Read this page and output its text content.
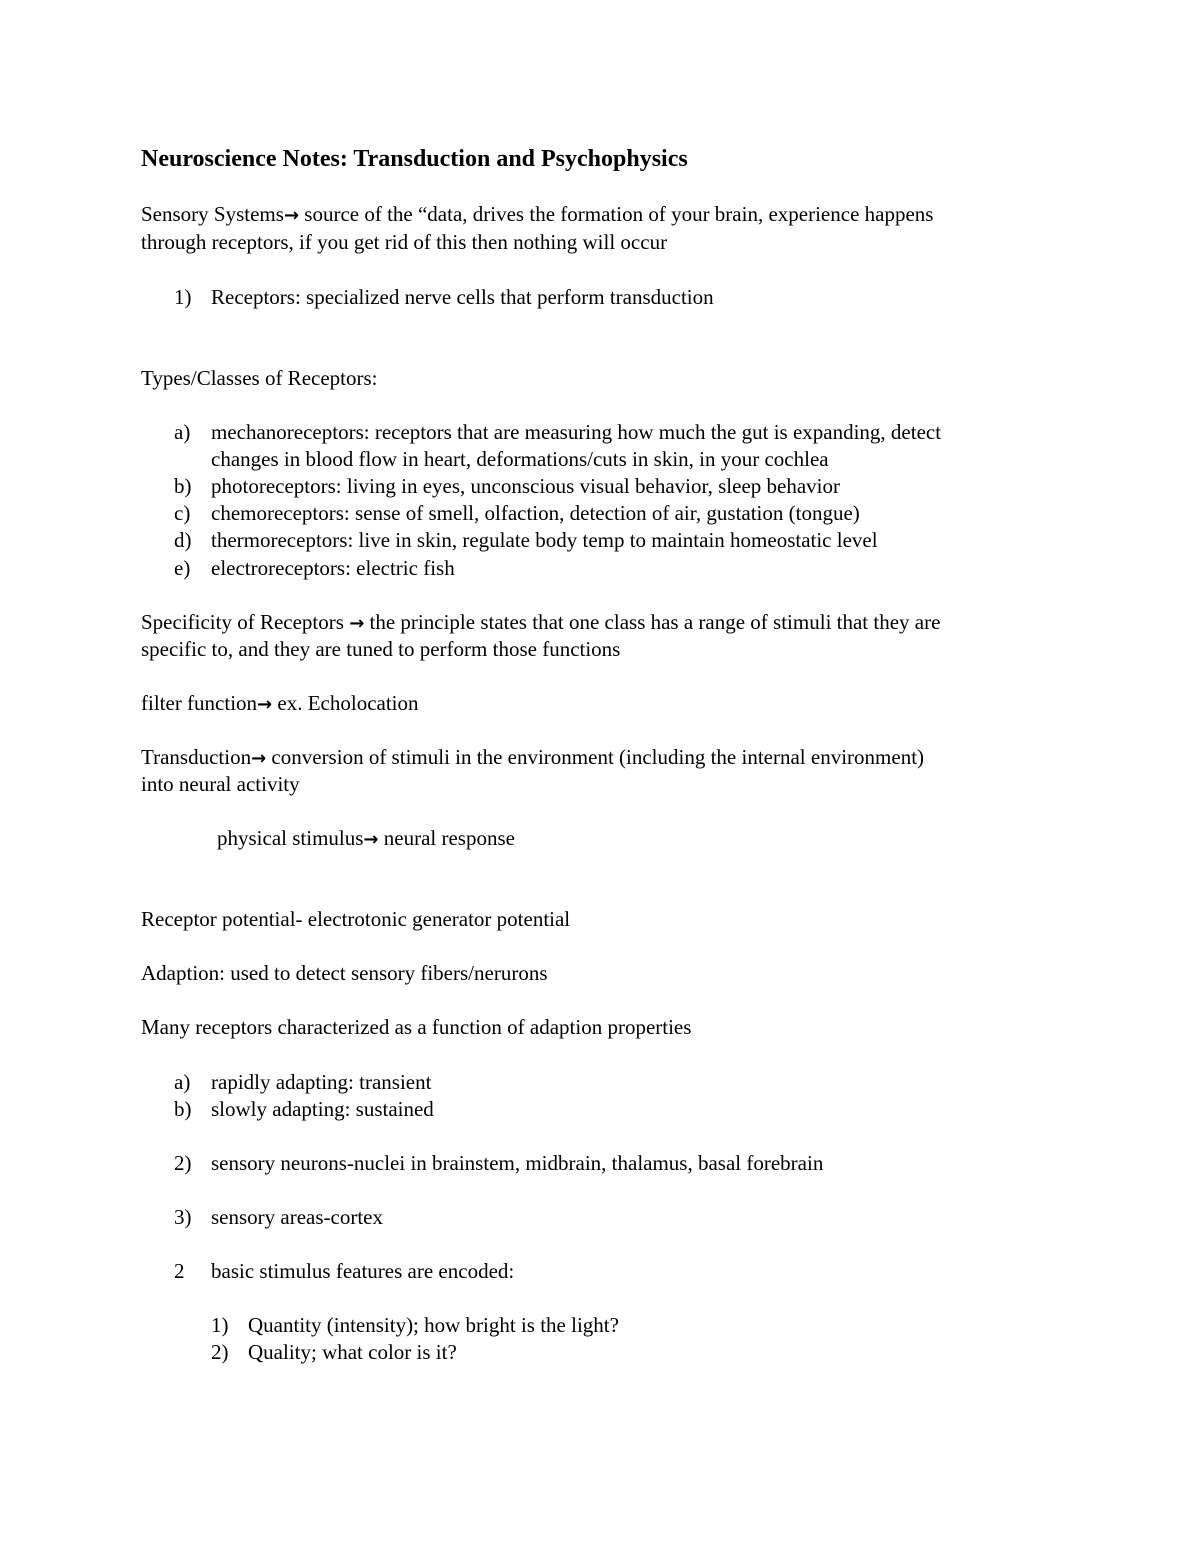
Neuroscience Notes: Transduction and Psychophysics

Sensory Systems→ source of the “data, drives the formation of your brain, experience happens

through receptors, if you get rid of this then nothing will occur

1) Receptors: specialized nerve cells that perform transduction

Types/Classes of Receptors:

a) mechanoreceptors: receptors that are measuring how much the gut is expanding, detect

changes in blood flow in heart, deformations/cuts in skin, in your cochlea

b) photoreceptors: living in eyes, unconscious visual behavior, sleep behavior

c) chemoreceptors: sense of smell, olfaction, detection of air, gustation (tongue)

d) thermoreceptors: live in skin, regulate body temp to maintain homeostatic level

e) electroreceptors: electric fish

Specificity of Receptors → the principle states that one class has a range of stimuli that they are

specific to, and they are tuned to perform those functions

filter function→ ex. Echolocation

Transduction→ conversion of stimuli in the environment (including the internal environment)

into neural activity

physical stimulus→ neural response

Receptor potential- electrotonic generator potential

Adaption: used to detect sensory fibers/nerurons

Many receptors characterized as a function of adaption properties

a) rapidly adapting: transient

b) slowly adapting: sustained

2) sensory neurons-nuclei in brainstem, midbrain, thalamus, basal forebrain

3) sensory areas-cortex

2 basic stimulus features are encoded:

1) Quantity (intensity); how bright is the light?

2) Quality; what color is it?
